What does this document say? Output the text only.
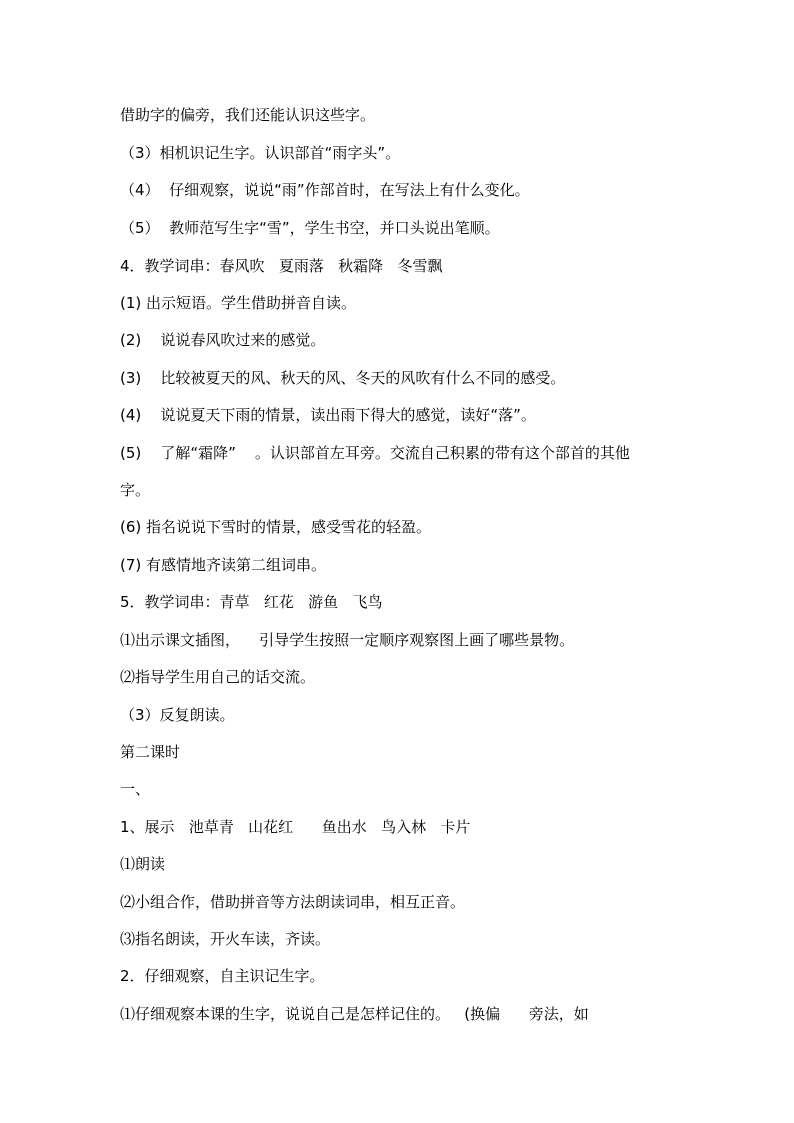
借助字的偏旁，我们还能认识这些字。
（3）相机识记生字。认识部首“雨字头”。
（4）  仔细观察，说说“雨”作部首时，在写法上有什么变化。
（5）  教师范写生字“雪”，学生书空，并口头说出笔顺。
4．教学词串：春风吹   夏雨落   秋霜降   冬雪飘
(1) 出示短语。学生借助拼音自读。
(2)    说说春风吹过来的感觉。
(3)    比较被夏天的风、秋天的风、冬天的风吹有什么不同的感受。
(4)    说说夏天下雨的情景，读出雨下得大的感觉，读好“落”。
(5)    了解“霜降”    。认识部首左耳旁。交流自己积累的带有这个部首的其他
字。
(6) 指名说说下雪时的情景，感受雪花的轻盈。
(7) 有感情地齐读第二组词串。
5．教学词串：青草   红花   游鱼   飞鸟
⑴出示课文插图，    引导学生按照一定顺序观察图上画了哪些景物。
⑵指导学生用自己的话交流。
（3）反复朗读。
第二课时
一、
1、展示   池草青   山花红      鱼出水   鸟入林   卡片
⑴朗读
⑵小组合作，借助拼音等方法朗读词串，相互正音。
⑶指名朗读，开火车读，齐读。
2．仔细观察，自主识记生字。
⑴仔细观察本课的生字，说说自己是怎样记住的。   (换偏      旁法，如
